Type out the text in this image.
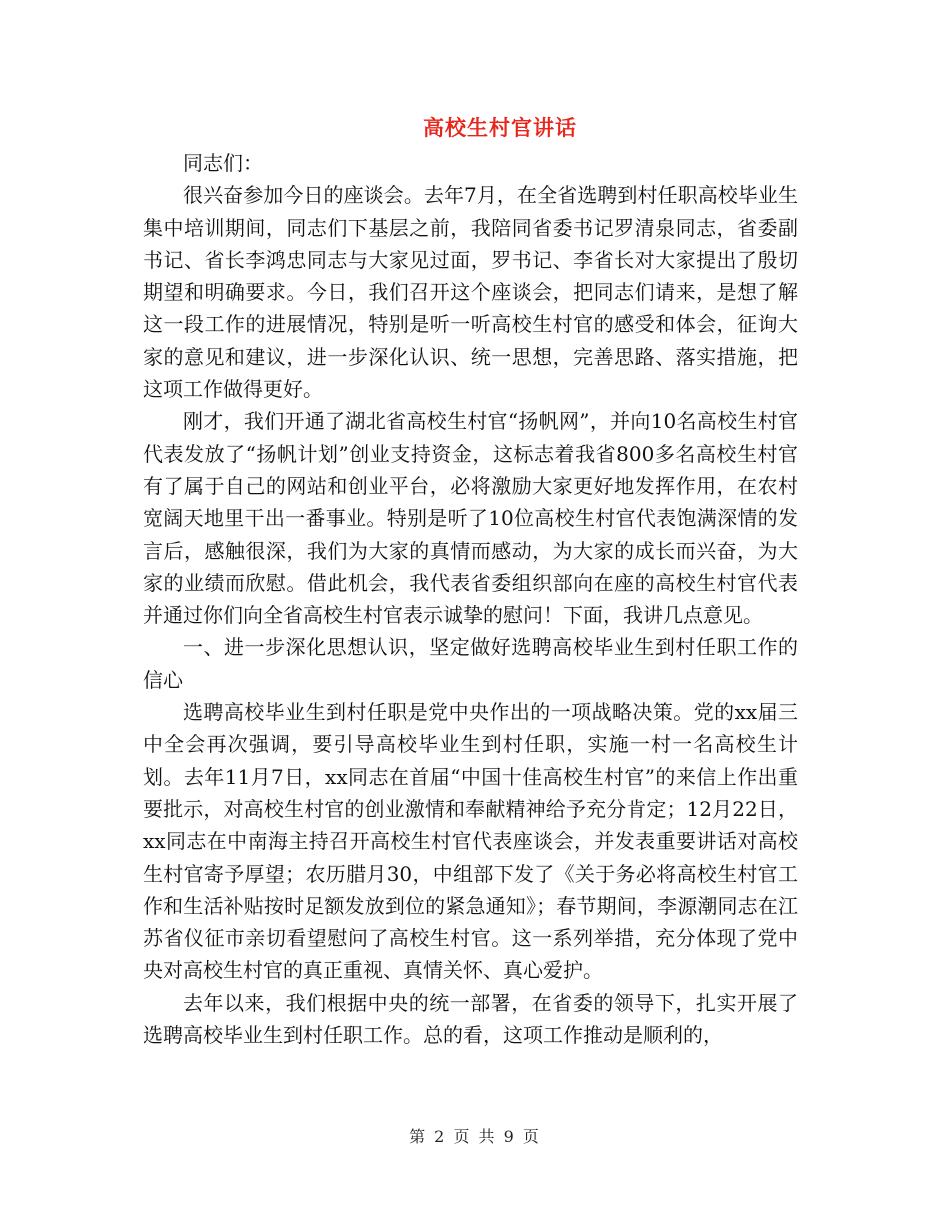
高校生村官讲话

同志们：

很兴奋参加今日的座谈会。去年7月，在全省选聘到村任职高校毕业生集中培训期间，同志们下基层之前，我陪同省委书记罗清泉同志，省委副书记、省长李鸿忠同志与大家见过面，罗书记、李省长对大家提出了殷切期望和明确要求。今日，我们召开这个座谈会，把同志们请来，是想了解这一段工作的进展情况，特别是听一听高校生村官的感受和体会，征询大家的意见和建议，进一步深化认识、统一思想，完善思路、落实措施，把这项工作做得更好。

刚才，我们开通了湖北省高校生村官“扬帆网”，并向10名高校生村官代表发放了“扬帆计划”创业支持资金，这标志着我省800多名高校生村官有了属于自己的网站和创业平台，必将激励大家更好地发挥作用，在农村宽阔天地里干出一番事业。特别是听了10位高校生村官代表饱满深情的发言后，感触很深，我们为大家的真情而感动，为大家的成长而兴奋，为大家的业绩而欣慰。借此机会，我代表省委组织部向在座的高校生村官代表并通过你们向全省高校生村官表示诚挚的慰问！下面，我讲几点意见。

一、进一步深化思想认识，坚定做好选聘高校毕业生到村任职工作的信心

选聘高校毕业生到村任职是党中央作出的一项战略决策。党的xx届三中全会再次强调，要引导高校毕业生到村任职，实施一村一名高校生计划。去年11月7日，xx同志在首届“中国十佳高校生村官”的来信上作出重要批示，对高校生村官的创业激情和奉献精神给予充分肯定；12月22日，xx同志在中南海主持召开高校生村官代表座谈会，并发表重要讲话对高校生村官寄予厚望；农历腊月30，中组部下发了《关于务必将高校生村官工作和生活补贴按时足额发放到位的紧急通知》；春节期间，李源潮同志在江苏省仪征市亲切看望慰问了高校生村官。这一系列举措，充分体现了党中央对高校生村官的真正重视、真情关怀、真心爱护。

去年以来，我们根据中央的统一部署，在省委的领导下，扎实开展了选聘高校毕业生到村任职工作。总的看，这项工作推动是顺利的，

第 2 页 共 9 页
